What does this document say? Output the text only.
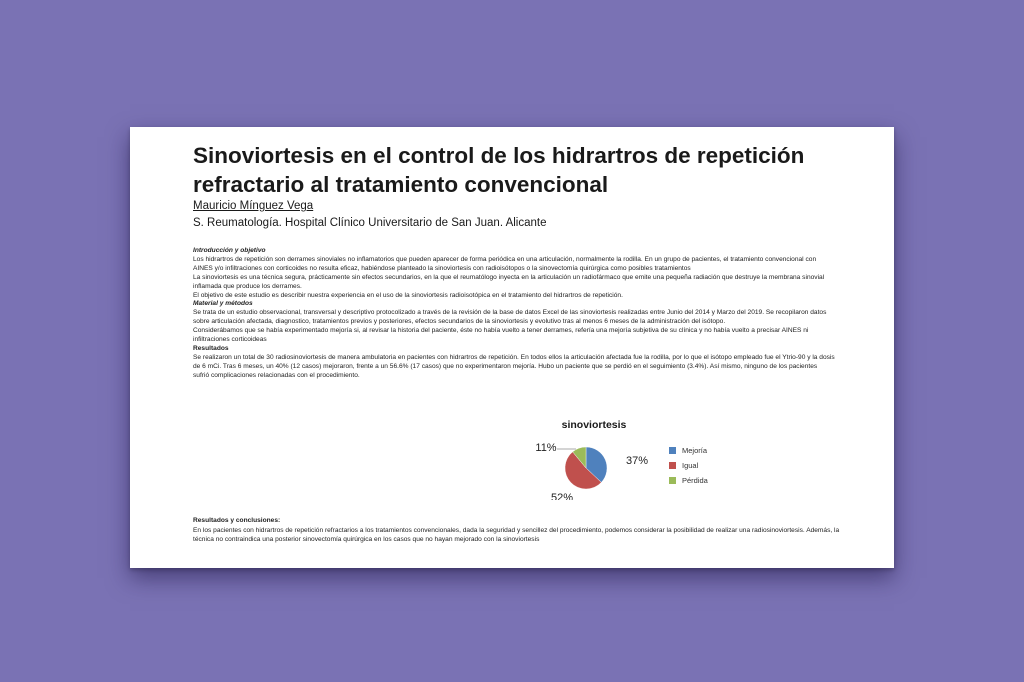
Sinoviortesis en el control de los hidrartros de repetición refractario al tratamiento convencional
Mauricio Mínguez Vega
S. Reumatología. Hospital Clínico Universitario de San Juan. Alicante

Introducción y objetivo

Los hidrartros de repetición son derrames sinoviales no inflamatorios que pueden aparecer de forma periódica en una articulación, normalmente la rodilla. En un grupo de pacientes, el tratamiento convencional con AINES y/o infiltraciones con corticoides no resulta eficaz, habiéndose planteado la sinoviortesis con radioisótopos o la sinovectomía quirúrgica como posibles tratamientos

La sinoviortesis es una técnica segura, prácticamente sin efectos secundarios, en la que el reumatólogo inyecta en la articulación un radiofármaco que emite una pequeña radiación que destruye la membrana sinovial inflamada que produce los derrames.

El objetivo de este estudio es describir nuestra experiencia en el uso de la sinoviortesis radioisotópica en el tratamiento del hidrartros de repetición.

Material y métodos

Se trata de un estudio observacional, transversal y descriptivo protocolizado a través de la revisión de la base de datos Excel de las sinoviortesis realizadas entre Junio del 2014 y Marzo del 2019. Se recopilaron datos sobre articulación afectada, diagnostico, tratamientos previos y posteriores, efectos secundarios de la sinoviortesis y evolutivo tras al menos 6 meses de la administración del isótopo.

Considerábamos que se había experimentado mejoría si, al revisar la historia del paciente, éste no había vuelto a tener derrames, refería una mejoría subjetiva de su clínica y no había vuelto a precisar AINES ni infiltraciones corticoideas

Resultados

Se realizaron un total de 30 radiosinoviortesis de manera ambulatoria en pacientes con hidrartros de repetición. En todos ellos la articulación afectada fue la rodilla, por lo que el isótopo empleado fue el Ytrio-90 y la dosis de 6 mCi. Tras 6 meses, un 40% (12 casos) mejoraron, frente a un 56.6% (17 casos) que no experimentaron mejoría. Hubo un paciente que se perdió en el seguimiento (3.4%). Así mismo, ninguno de los pacientes sufrió complicaciones relacionadas con el procedimiento.

sinoviortesis
37%
52%
11%	Mejoría
Igual
Pérdida

Resultados y conclusiones:

En los pacientes con hidrartros de repetición refractarios a los tratamientos convencionales, dada la seguridad y sencillez del procedimiento, podemos considerar la posibilidad de realizar una radiosinoviortesis. Además, la técnica no contraindica una posterior sinovectomía quirúrgica en los casos que no hayan mejorado con la sinoviortesis
